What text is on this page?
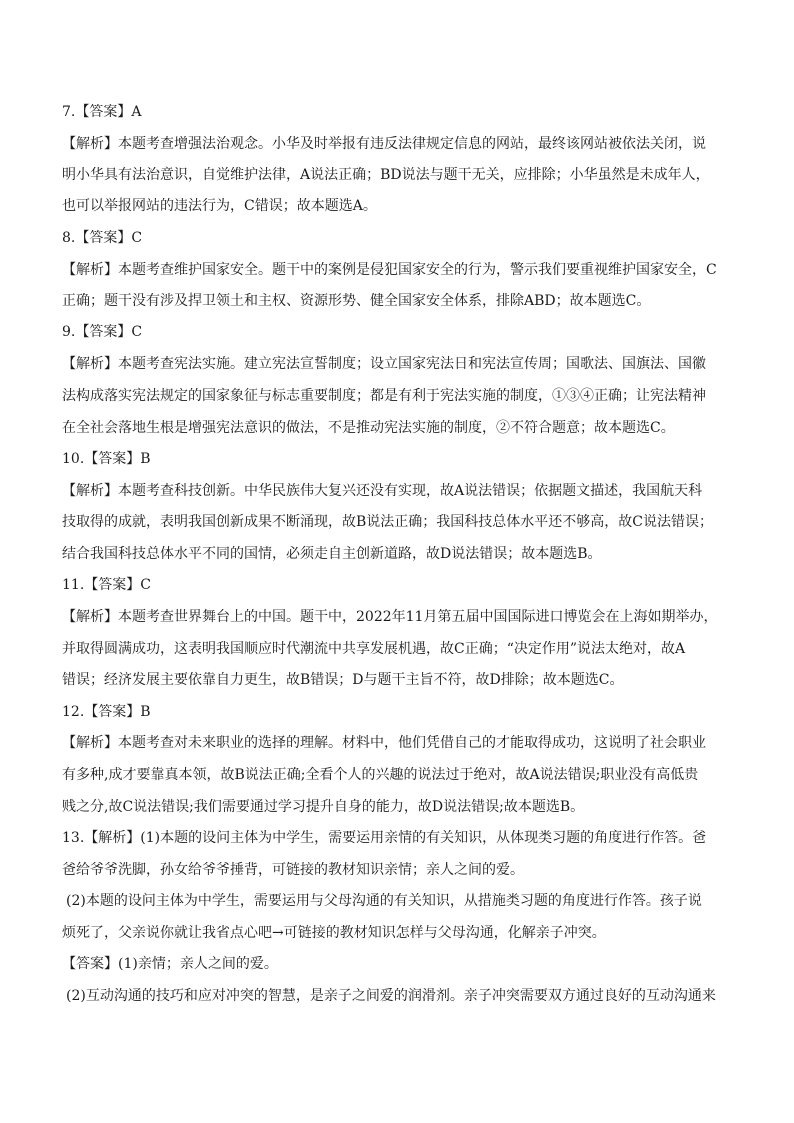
7.【答案】A
【解析】本题考查增强法治观念。小华及时举报有违反法律规定信息的网站，最终该网站被依法关闭，说
明小华具有法治意识，自觉维护法律，A说法正确；BD说法与题干无关，应排除；小华虽然是未成年人，
也可以举报网站的违法行为，C错误；故本题选A。
8.【答案】C
【解析】本题考查维护国家安全。题干中的案例是侵犯国家安全的行为，警示我们要重视维护国家安全，C
正确；题干没有涉及捍卫领土和主权、资源形势、健全国家安全体系，排除ABD；故本题选C。
9.【答案】C
【解析】本题考查宪法实施。建立宪法宣誓制度；设立国家宪法日和宪法宣传周；国歌法、国旗法、国徽
法构成落实宪法规定的国家象征与标志重要制度；都是有利于宪法实施的制度，①③④正确；让宪法精神
在全社会落地生根是增强宪法意识的做法，不是推动宪法实施的制度，②不符合题意；故本题选C。
10.【答案】B
【解析】本题考查科技创新。中华民族伟大复兴还没有实现，故A说法错误；依据题文描述，我国航天科
技取得的成就，表明我国创新成果不断涌现，故B说法正确；我国科技总体水平还不够高，故C说法错误；
结合我国科技总体水平不同的国情，必须走自主创新道路，故D说法错误；故本题选B。
11.【答案】C
【解析】本题考查世界舞台上的中国。题干中，2022年11月第五届中国国际进口博览会在上海如期举办，
并取得圆满成功，这表明我国顺应时代潮流中共享发展机遇，故C正确；“决定作用”说法太绝对，故A
错误；经济发展主要依靠自力更生，故B错误；D与题干主旨不符，故D排除；故本题选C。
12.【答案】B
【解析】本题考查对未来职业的选择的理解。材料中，他们凭借自己的才能取得成功，这说明了社会职业
有多种,成才要靠真本领，故B说法正确;全看个人的兴趣的说法过于绝对，故A说法错误;职业没有高低贵
贱之分,故C说法错误;我们需要通过学习提升自身的能力，故D说法错误;故本题选B。
13.【解析】(1)本题的设问主体为中学生，需要运用亲情的有关知识，从体现类习题的角度进行作答。爸
爸给爷爷洗脚，孙女给爷爷捶背，可链接的教材知识亲情；亲人之间的爱。
(2)本题的设问主体为中学生，需要运用与父母沟通的有关知识，从措施类习题的角度进行作答。孩子说
烦死了，父亲说你就让我省点心吧→可链接的教材知识怎样与父母沟通，化解亲子冲突。
【答案】(1)亲情；亲人之间的爱。
(2)互动沟通的技巧和应对冲突的智慧，是亲子之间爱的润滑剂。亲子冲突需要双方通过良好的互动沟通来
